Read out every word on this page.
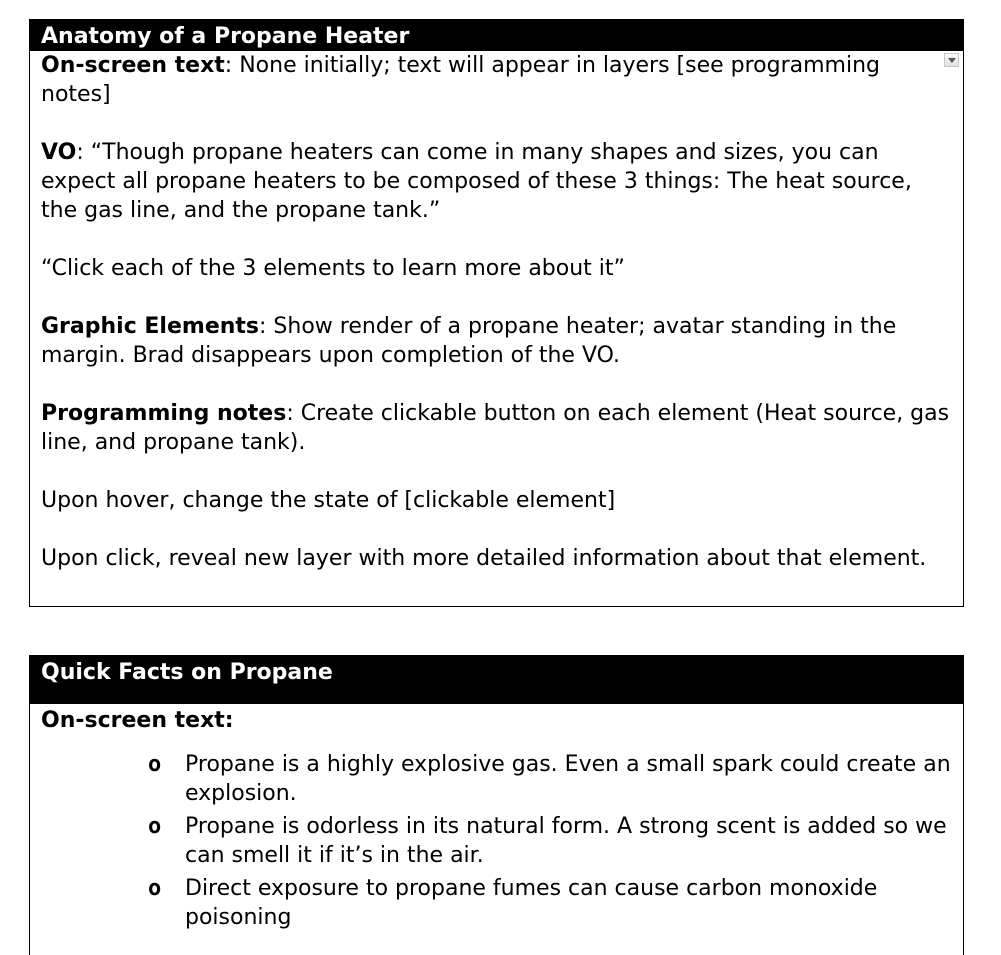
Anatomy of a Propane Heater

On-screen text: None initially; text will appear in layers [see programming notes]

VO: “Though propane heaters can come in many shapes and sizes, you can expect all propane heaters to be composed of these 3 things: The heat source, the gas line, and the propane tank.”

“Click each of the 3 elements to learn more about it”

Graphic Elements: Show render of a propane heater; avatar standing in the margin. Brad disappears upon completion of the VO.

Programming notes: Create clickable button on each element (Heat source, gas line, and propane tank).

Upon hover, change the state of [clickable element]

Upon click, reveal new layer with more detailed information about that element.

Quick Facts on Propane

On-screen text:

o Propane is a highly explosive gas. Even a small spark could create an explosion.
o Propane is odorless in its natural form. A strong scent is added so we can smell it if it’s in the air.
o Direct exposure to propane fumes can cause carbon monoxide poisoning
